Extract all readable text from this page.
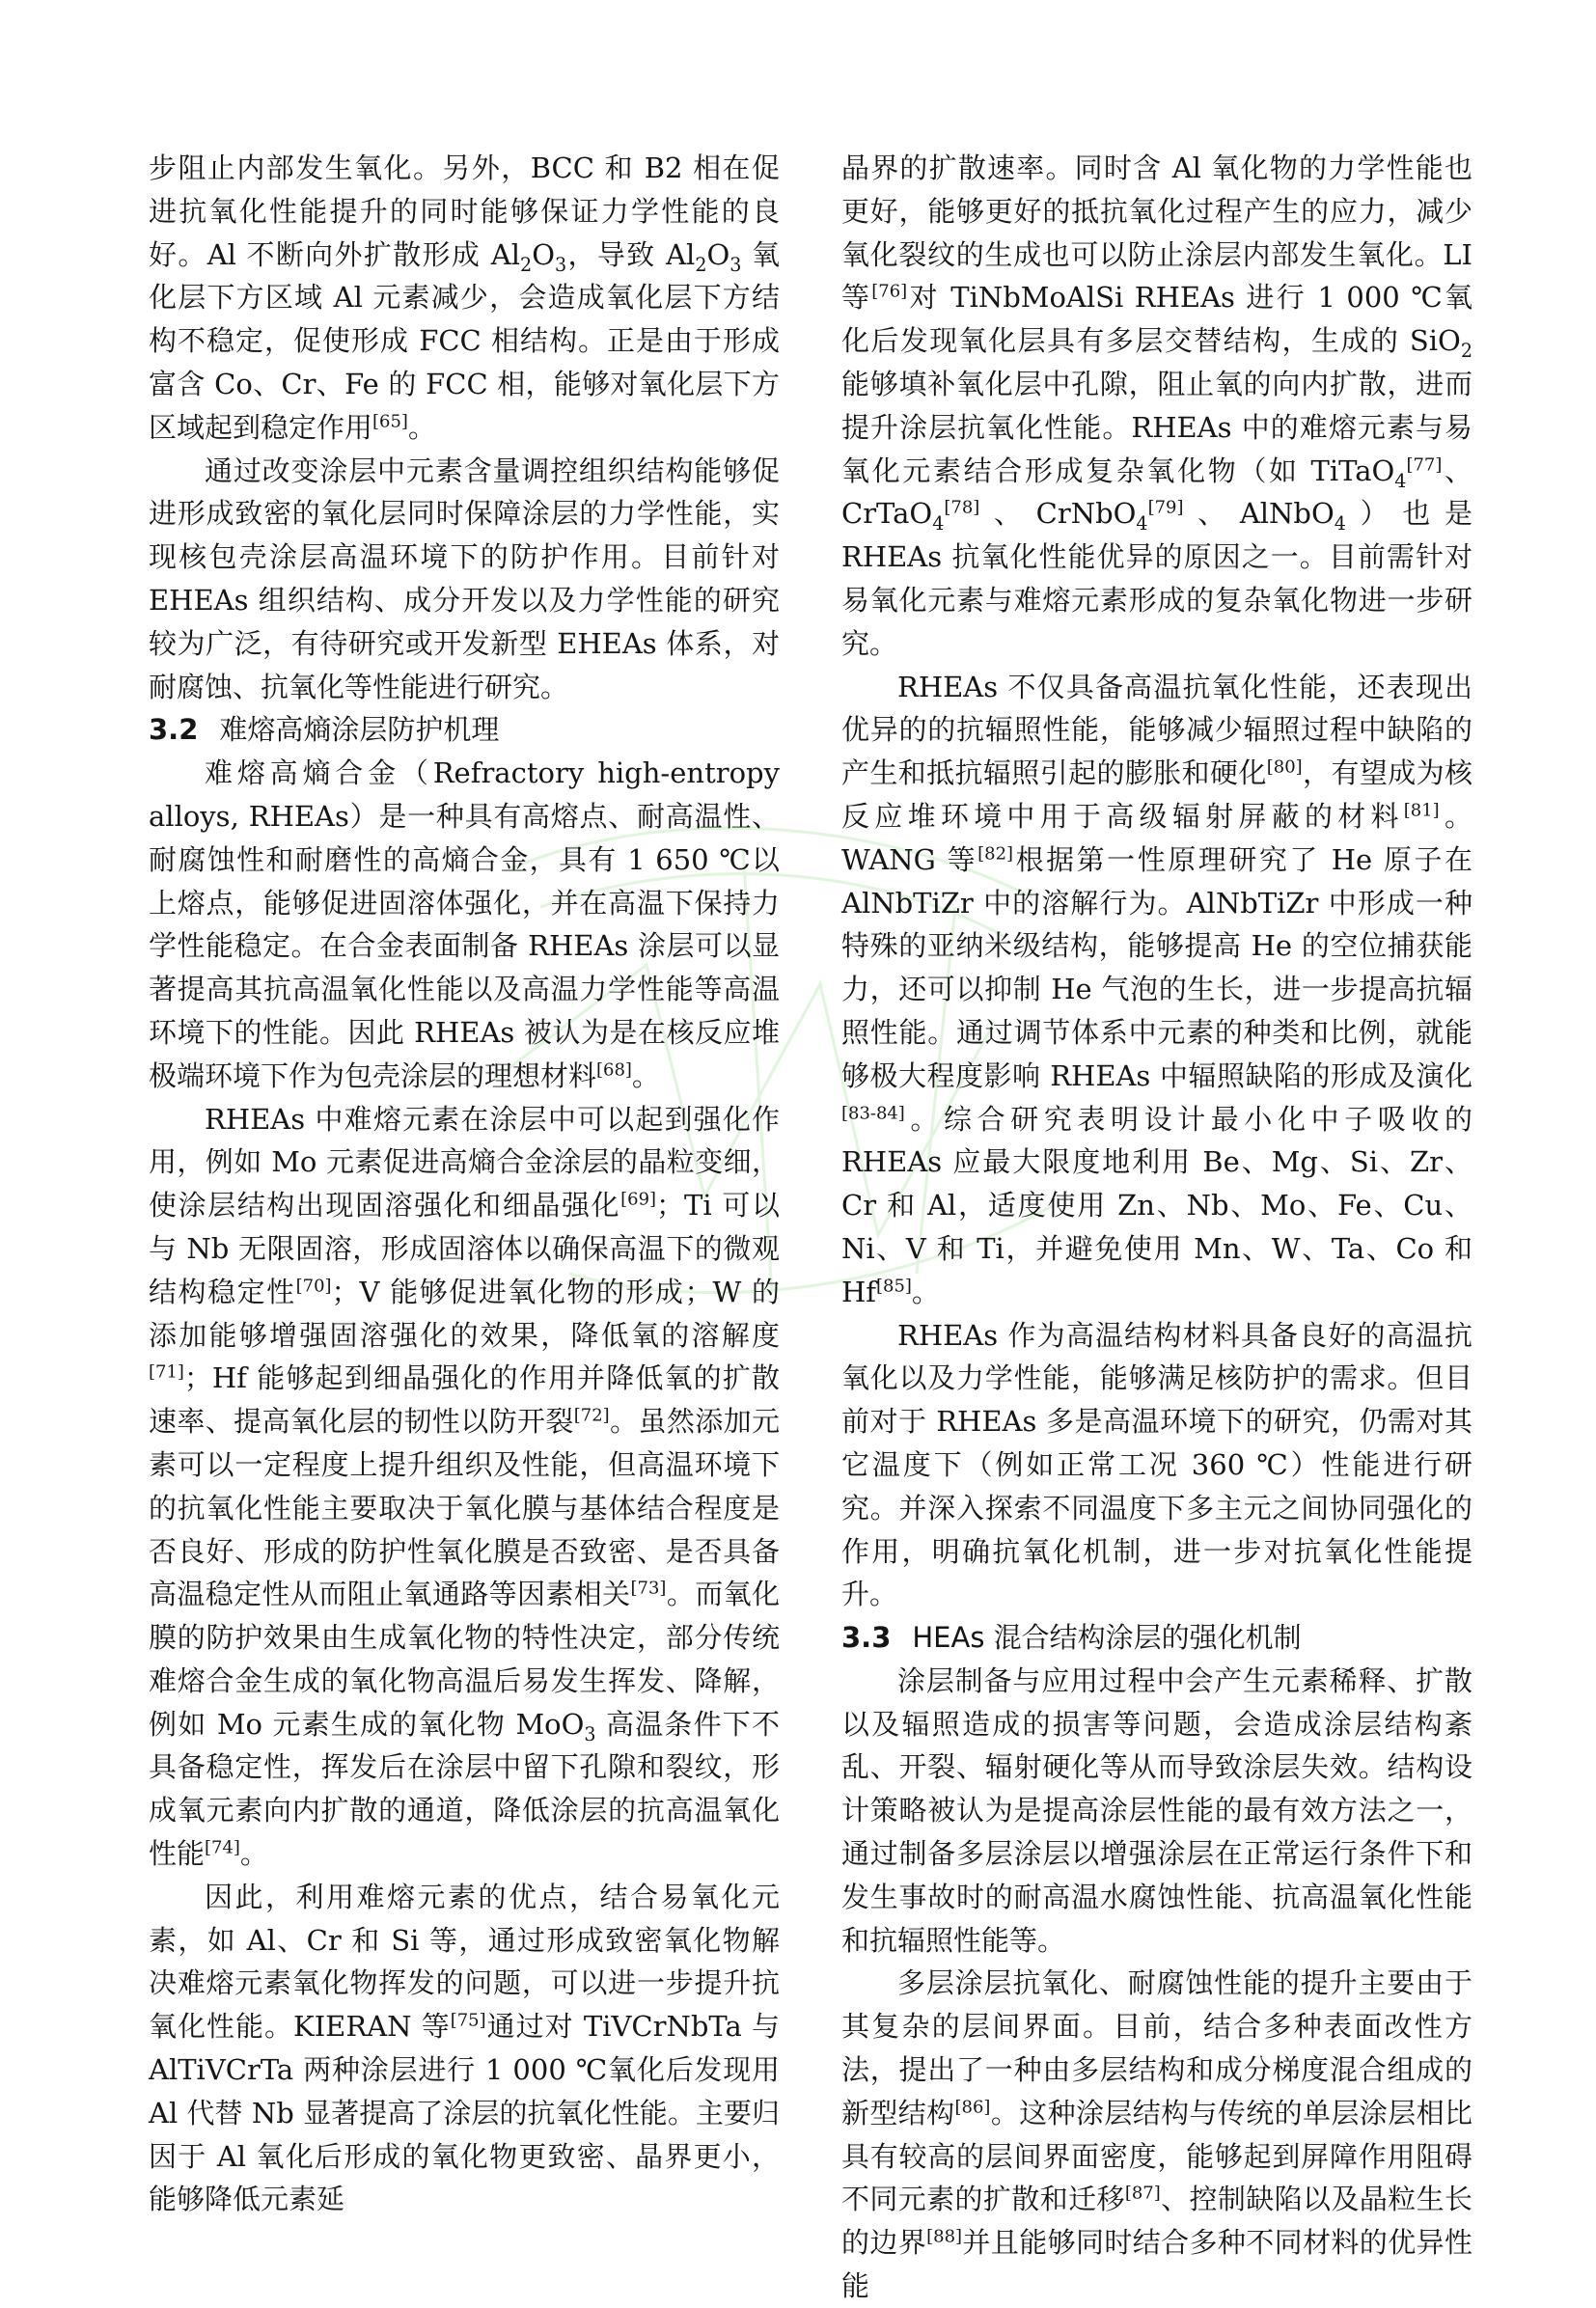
步阻止内部发生氧化。另外，BCC 和 B2 相在促进抗氧化性能提升的同时能够保证力学性能的良好。Al 不断向外扩散形成 $Al_2O_3$，导致 $Al_2O_3$ 氧化层下方区域 Al 元素减少，会造成氧化层下方结构不稳定，促使形成 FCC 相结构。正是由于形成富含 Co、Cr、Fe 的 FCC 相，能够对氧化层下方区域起到稳定作用[65]。

通过改变涂层中元素含量调控组织结构能够促进形成致密的氧化层同时保障涂层的力学性能，实现核包壳涂层高温环境下的防护作用。目前针对 EHEAs 组织结构、成分开发以及力学性能的研究较为广泛，有待研究或开发新型 EHEAs 体系，对耐腐蚀、抗氧化等性能进行研究。

3.2 难熔高熵涂层防护机理

难熔高熵合金（Refractory high-entropy alloys, RHEAs）是一种具有高熔点、耐高温性、耐腐蚀性和耐磨性的高熵合金，具有 1 650 ℃以上熔点，能够促进固溶体强化，并在高温下保持力学性能稳定。在合金表面制备 RHEAs 涂层可以显著提高其抗高温氧化性能以及高温力学性能等高温环境下的性能。因此 RHEAs 被认为是在核反应堆极端环境下作为包壳涂层的理想材料[68]。

RHEAs 中难熔元素在涂层中可以起到强化作用，例如 Mo 元素促进高熵合金涂层的晶粒变细，使涂层结构出现固溶强化和细晶强化[69]；Ti 可以与 Nb 无限固溶，形成固溶体以确保高温下的微观结构稳定性[70]；V 能够促进氧化物的形成；W 的添加能够增强固溶强化的效果，降低氧的溶解度[71]；Hf 能够起到细晶强化的作用并降低氧的扩散速率、提高氧化层的韧性以防开裂[72]。虽然添加元素可以一定程度上提升组织及性能，但高温环境下的抗氧化性能主要取决于氧化膜与基体结合程度是否良好、形成的防护性氧化膜是否致密、是否具备高温稳定性从而阻止氧通路等因素相关[73]。而氧化膜的防护效果由生成氧化物的特性决定，部分传统难熔合金生成的氧化物高温后易发生挥发、降解，例如 Mo 元素生成的氧化物 MoO$_3$ 高温条件下不具备稳定性，挥发后在涂层中留下孔隙和裂纹，形成氧元素向内扩散的通道，降低涂层的抗高温氧化性能[74]。

因此，利用难熔元素的优点，结合易氧化元素，如 Al、Cr 和 Si 等，通过形成致密氧化物解决难熔元素氧化物挥发的问题，可以进一步提升抗氧化性能。KIERAN 等[75]通过对 TiVCrNbTa 与 AlTiVCrTa 两种涂层进行 1 000 ℃氧化后发现用 Al 代替 Nb 显著提高了涂层的抗氧化性能。主要归因于 Al 氧化后形成的氧化物更致密、晶界更小，能够降低元素延

晶界的扩散速率。同时含 Al 氧化物的力学性能也更好，能够更好的抵抗氧化过程产生的应力，减少氧化裂纹的生成也可以防止涂层内部发生氧化。LI 等[76]对 TiNbMoAlSi RHEAs 进行 1 000 ℃氧化后发现氧化层具有多层交替结构，生成的 SiO$_2$ 能够填补氧化层中孔隙，阻止氧的向内扩散，进而提升涂层抗氧化性能。RHEAs 中的难熔元素与易氧化元素结合形成复杂氧化物（如 TiTaO$_4$[77]、CrTaO$_4$[78]、CrNbO$_4$[79]、AlNbO$_4$）也是 RHEAs 抗氧化性能优异的原因之一。目前需针对易氧化元素与难熔元素形成的复杂氧化物进一步研究。

RHEAs 不仅具备高温抗氧化性能，还表现出优异的的抗辐照性能，能够减少辐照过程中缺陷的产生和抵抗辐照引起的膨胀和硬化[80]，有望成为核反应堆环境中用于高级辐射屏蔽的材料[81]。WANG 等[82]根据第一性原理研究了 He 原子在 AlNbTiZr 中的溶解行为。AlNbTiZr 中形成一种特殊的亚纳米级结构，能够提高 He 的空位捕获能力，还可以抑制 He 气泡的生长，进一步提高抗辐照性能。通过调节体系中元素的种类和比例，就能够极大程度影响 RHEAs 中辐照缺陷的形成及演化[83-84]。综合研究表明设计最小化中子吸收的 RHEAs 应最大限度地利用 Be、Mg、Si、Zr、Cr 和 Al，适度使用 Zn、Nb、Mo、Fe、Cu、Ni、V 和 Ti，并避免使用 Mn、W、Ta、Co 和 Hf[85]。

RHEAs 作为高温结构材料具备良好的高温抗氧化以及力学性能，能够满足核防护的需求。但目前对于 RHEAs 多是高温环境下的研究，仍需对其它温度下（例如正常工况 360 ℃）性能进行研究。并深入探索不同温度下多主元之间协同强化的作用，明确抗氧化机制，进一步对抗氧化性能提升。

3.3 HEAs 混合结构涂层的强化机制

涂层制备与应用过程中会产生元素稀释、扩散以及辐照造成的损害等问题，会造成涂层结构紊乱、开裂、辐射硬化等从而导致涂层失效。结构设计策略被认为是提高涂层性能的最有效方法之一，通过制备多层涂层以增强涂层在正常运行条件下和发生事故时的耐高温水腐蚀性能、抗高温氧化性能和抗辐照性能等。

多层涂层抗氧化、耐腐蚀性能的提升主要由于其复杂的层间界面。目前，结合多种表面改性方法，提出了一种由多层结构和成分梯度混合组成的新型结构[86]。这种涂层结构与传统的单层涂层相比具有较高的层间界面密度，能够起到屏障作用阻碍不同元素的扩散和迁移[87]、控制缺陷以及晶粒生长的边界[88]并且能够同时结合多种不同材料的优异性能
